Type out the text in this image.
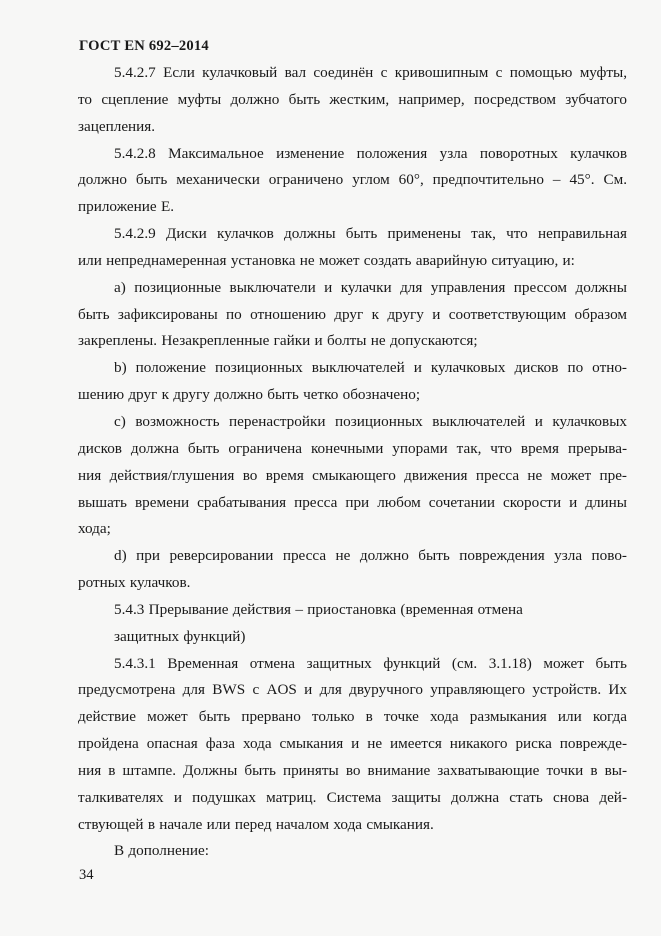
ГОСТ EN 692–2014

5.4.2.7 Если кулачковый вал соединён с кривошипным с помощью муфты,

то сцепление муфты должно быть жестким, например, посредством зубчатого

зацепления.

5.4.2.8 Максимальное изменение положения узла поворотных кулачков

должно быть механически ограничено углом 60°, предпочтительно – 45°. См.

приложение Е.

5.4.2.9 Диски кулачков должны быть применены так, что неправильная

или непреднамеренная установка не может создать аварийную ситуацию, и:

a) позиционные выключатели и кулачки для управления прессом должны

быть зафиксированы по отношению друг к другу и соответствующим образом

закреплены. Незакрепленные гайки и болты не допускаются;

b) положение позиционных выключателей и кулачковых дисков по отно-

шению друг к другу должно быть четко обозначено;

c) возможность перенастройки позиционных выключателей и кулачковых

дисков должна быть ограничена конечными упорами так, что время прерыва-

ния действия/глушения во время смыкающего движения пресса не может пре-

вышать времени срабатывания пресса при любом сочетании скорости и длины

хода;

d) при реверсировании пресса не должно быть повреждения узла пово-

ротных кулачков.

5.4.3 Прерывание действия – приостановка (временная отмена

защитных функций)

5.4.3.1 Временная отмена защитных функций (см. 3.1.18) может быть

предусмотрена для BWS с AOS и для двуручного управляющего устройств. Их

действие может быть прервано только в точке хода размыкания или когда

пройдена опасная фаза хода смыкания и не имеется никакого риска поврежде-

ния в штампе. Должны быть приняты во внимание захватывающие точки в вы-

талкивателях и подушках матриц. Система защиты должна стать снова дей-

ствующей в начале или перед началом хода смыкания.

В дополнение:

34
